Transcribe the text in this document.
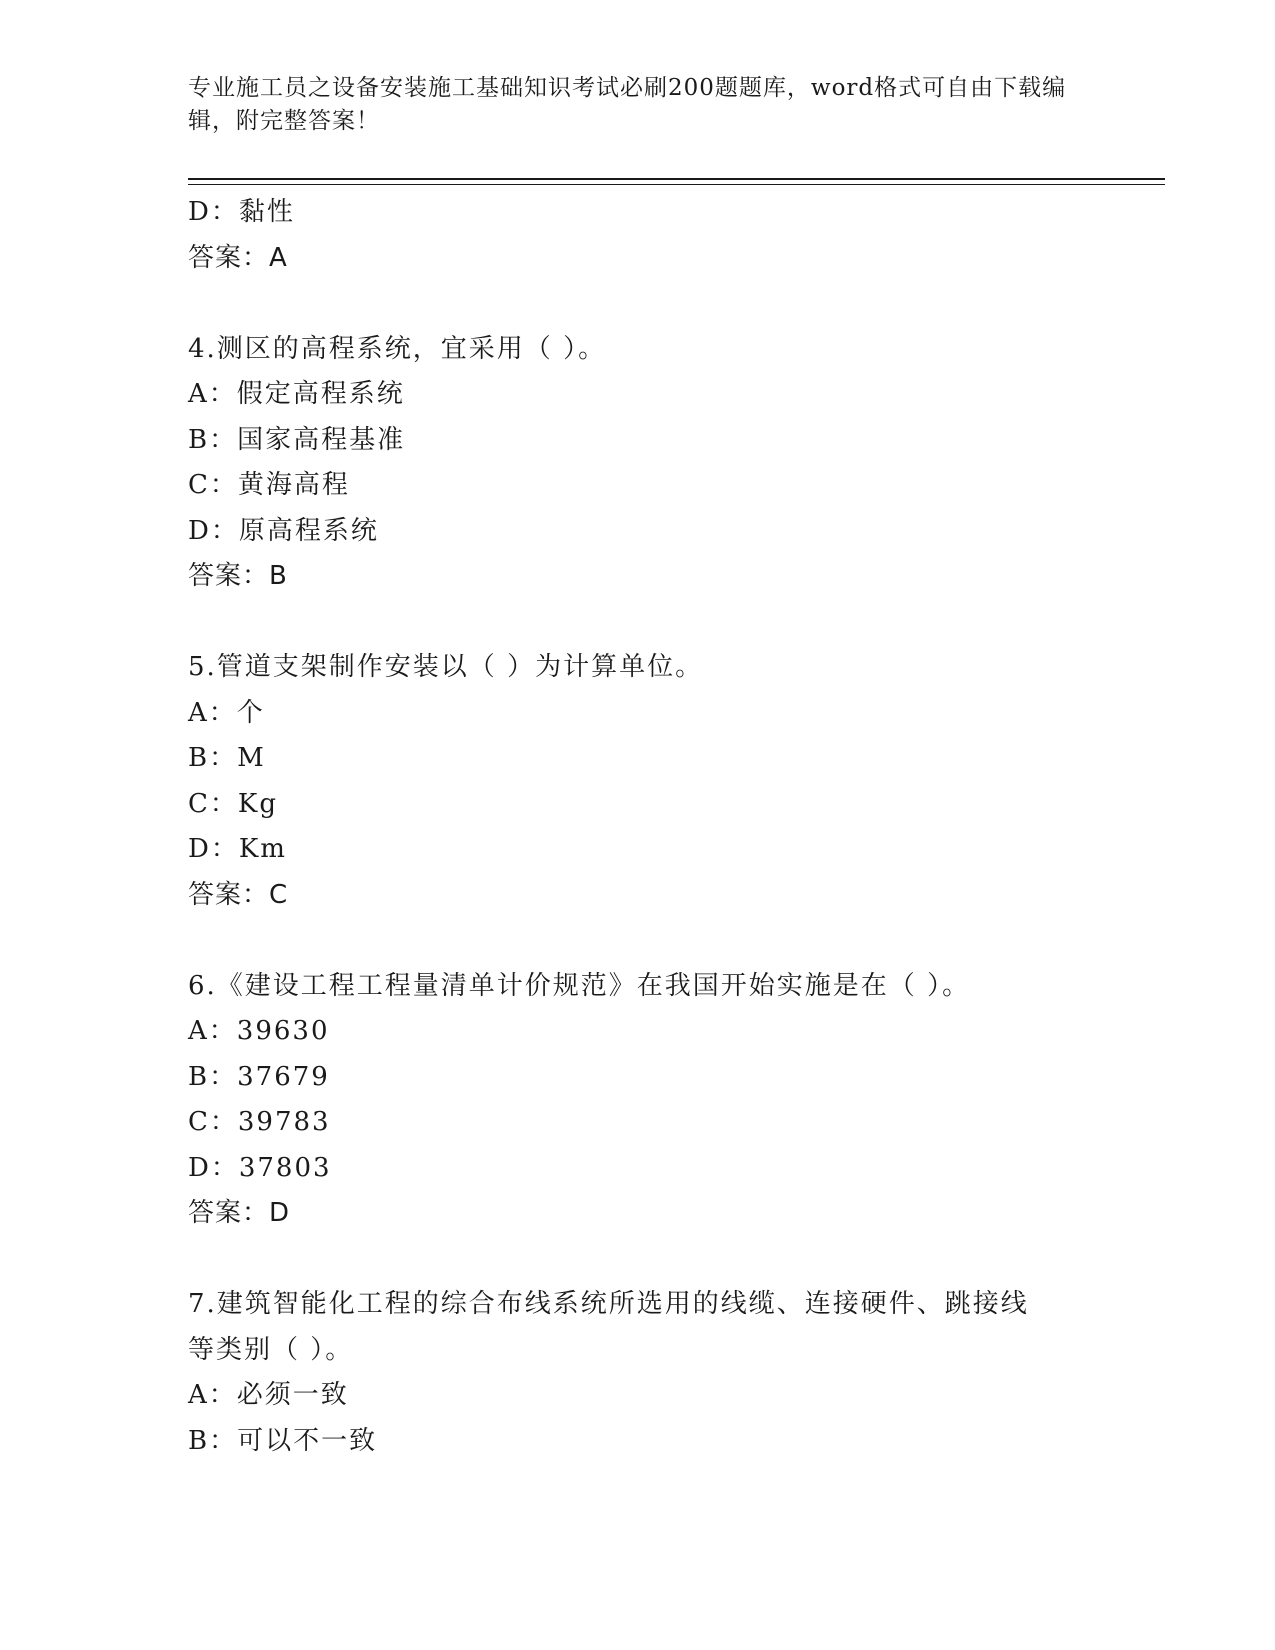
专业施工员之设备安装施工基础知识考试必刷200题题库，word格式可自由下载编辑，附完整答案！
D：黏性
答案：A
4.测区的高程系统，宜采用（ ）。
A：假定高程系统
B：国家高程基准
C：黄海高程
D：原高程系统
答案：B
5.管道支架制作安装以（ ）为计算单位。
A：个
B：M
C：Kg
D：Km
答案：C
6.《建设工程工程量清单计价规范》在我国开始实施是在（ ）。
A：39630
B：37679
C：39783
D：37803
答案：D
7.建筑智能化工程的综合布线系统所选用的线缆、连接硬件、跳接线
等类别（ ）。
A：必须一致
B：可以不一致
